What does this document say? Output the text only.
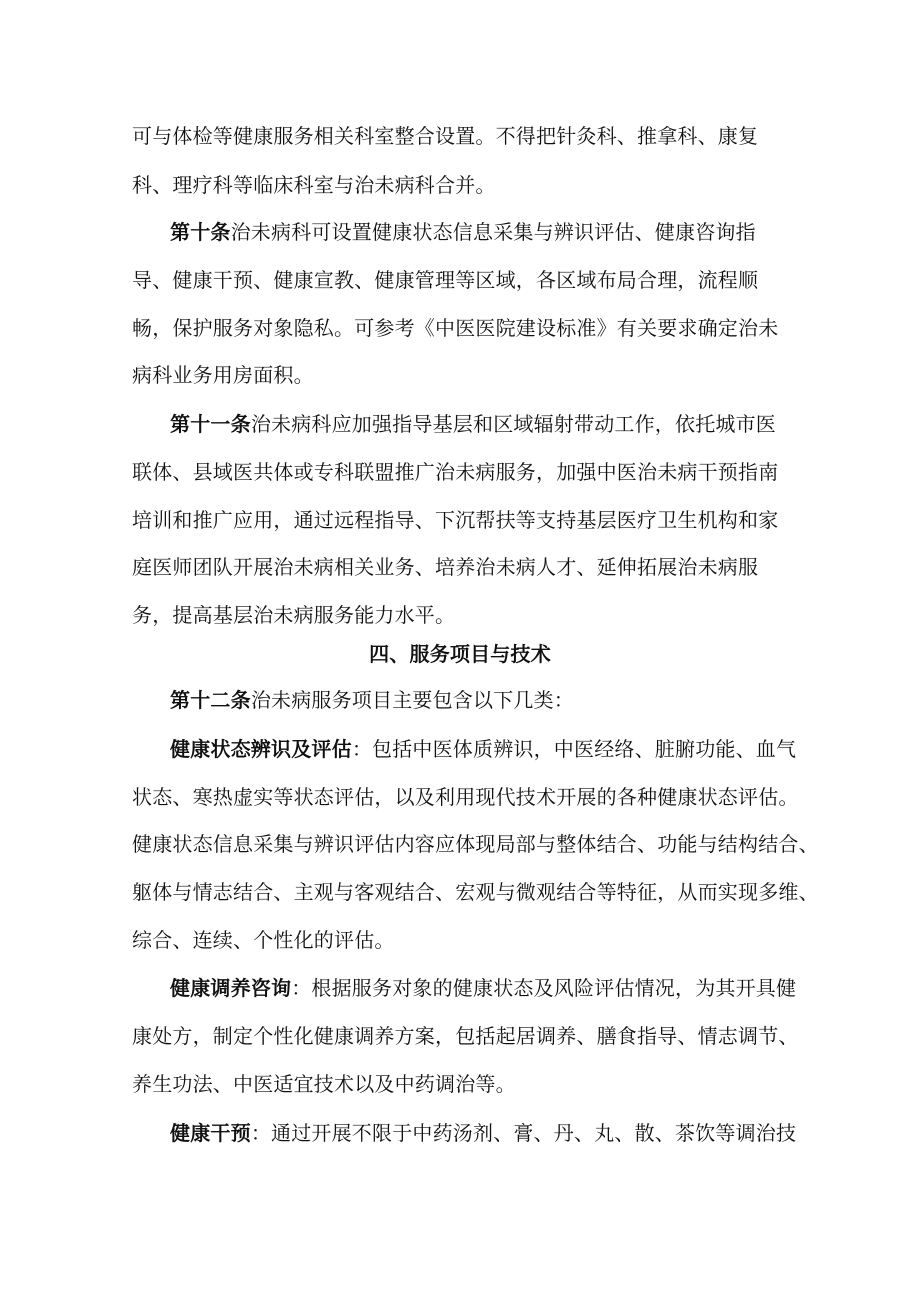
可与体检等健康服务相关科室整合设置。不得把针灸科、推拿科、康复
科、理疗科等临床科室与治未病科合并。
第十条治未病科可设置健康状态信息采集与辨识评估、健康咨询指
导、健康干预、健康宣教、健康管理等区域，各区域布局合理，流程顺
畅，保护服务对象隐私。可参考《中医医院建设标准》有关要求确定治未
病科业务用房面积。
第十一条治未病科应加强指导基层和区域辐射带动工作，依托城市医
联体、县域医共体或专科联盟推广治未病服务，加强中医治未病干预指南
培训和推广应用，通过远程指导、下沉帮扶等支持基层医疗卫生机构和家
庭医师团队开展治未病相关业务、培养治未病人才、延伸拓展治未病服
务，提高基层治未病服务能力水平。
四、服务项目与技术
第十二条治未病服务项目主要包含以下几类：
健康状态辨识及评估：包括中医体质辨识，中医经络、脏腑功能、血气
状态、寒热虚实等状态评估，以及利用现代技术开展的各种健康状态评估。
健康状态信息采集与辨识评估内容应体现局部与整体结合、功能与结构结合、
躯体与情志结合、主观与客观结合、宏观与微观结合等特征，从而实现多维、
综合、连续、个性化的评估。
健康调养咨询：根据服务对象的健康状态及风险评估情况，为其开具健
康处方，制定个性化健康调养方案，包括起居调养、膳食指导、情志调节、
养生功法、中医适宜技术以及中药调治等。
健康干预：通过开展不限于中药汤剂、膏、丹、丸、散、茶饮等调治技
